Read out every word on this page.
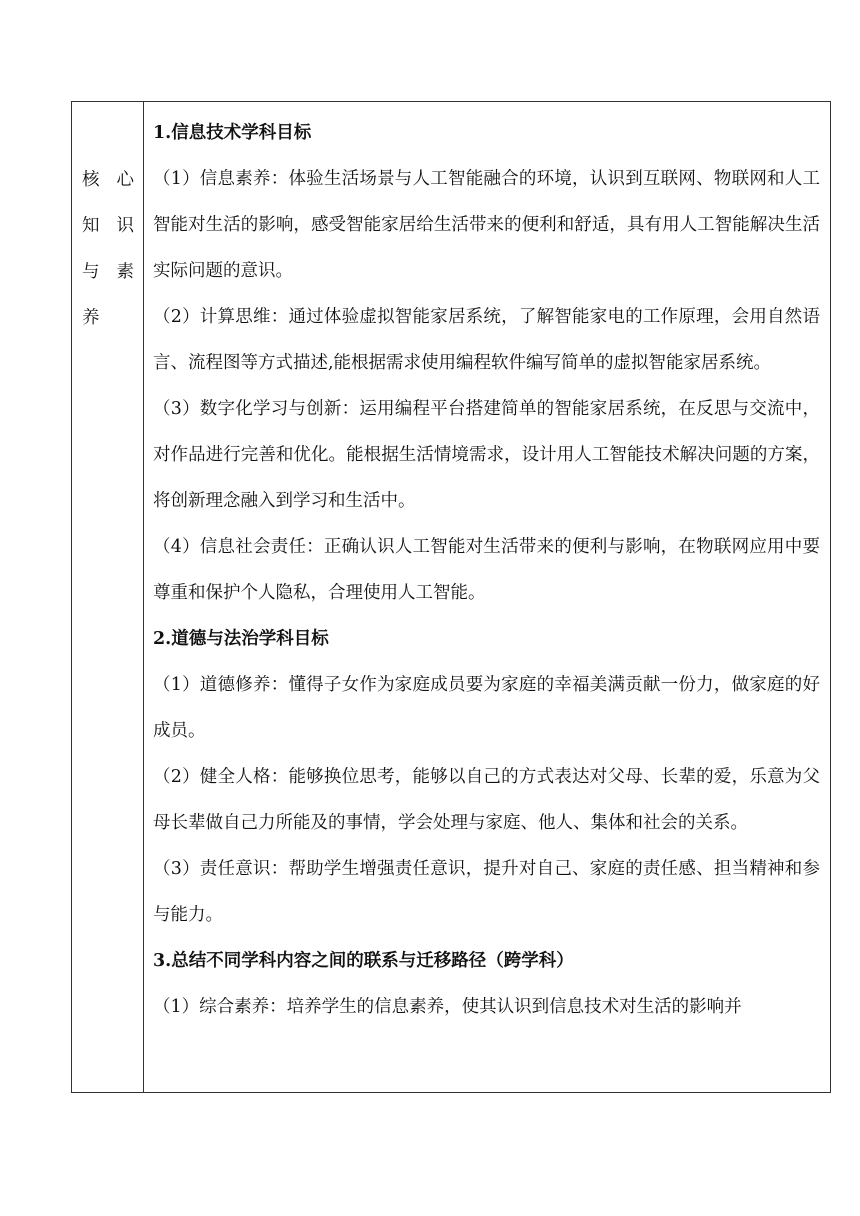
核 心
知 识
与 素
养

1.信息技术学科目标

（1）信息素养：体验生活场景与人工智能融合的环境，认识到互联网、物联网和人工智能对生活的影响，感受智能家居给生活带来的便利和舒适，具有用人工智能解决生活实际问题的意识。

（2）计算思维：通过体验虚拟智能家居系统，了解智能家电的工作原理，会用自然语言、流程图等方式描述,能根据需求使用编程软件编写简单的虚拟智能家居系统。

（3）数字化学习与创新：运用编程平台搭建简单的智能家居系统，在反思与交流中，对作品进行完善和优化。能根据生活情境需求，设计用人工智能技术解决问题的方案，将创新理念融入到学习和生活中。

（4）信息社会责任：正确认识人工智能对生活带来的便利与影响，在物联网应用中要尊重和保护个人隐私，合理使用人工智能。

2.道德与法治学科目标

（1）道德修养：懂得子女作为家庭成员要为家庭的幸福美满贡献一份力，做家庭的好成员。

（2）健全人格：能够换位思考，能够以自己的方式表达对父母、长辈的爱，乐意为父母长辈做自己力所能及的事情，学会处理与家庭、他人、集体和社会的关系。

（3）责任意识：帮助学生增强责任意识，提升对自己、家庭的责任感、担当精神和参与能力。

3.总结不同学科内容之间的联系与迁移路径（跨学科）

（1）综合素养：培养学生的信息素养，使其认识到信息技术对生活的影响并
